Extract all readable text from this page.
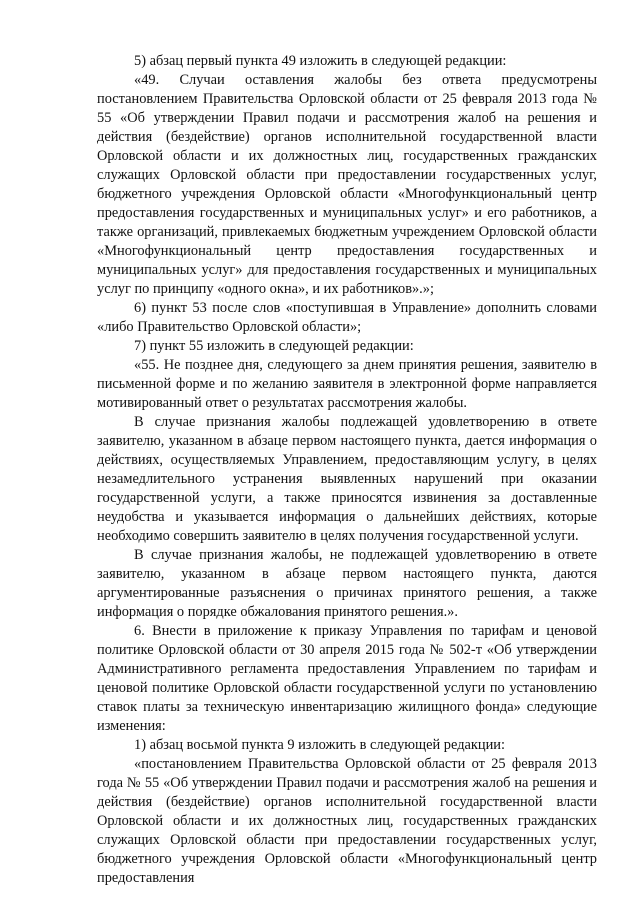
5) абзац первый пункта 49 изложить в следующей редакции:

«49. Случаи оставления жалобы без ответа предусмотрены постановлением Правительства Орловской области от 25 февраля 2013 года № 55 «Об утверждении Правил подачи и рассмотрения жалоб на решения и действия (бездействие) органов исполнительной государственной власти Орловской области и их должностных лиц, государственных гражданских служащих Орловской области при предоставлении государственных услуг, бюджетного учреждения Орловской области «Многофункциональный центр предоставления государственных и муниципальных услуг» и его работников, а также организаций, привлекаемых бюджетным учреждением Орловской области «Многофункциональный центр предоставления государственных и муниципальных услуг» для предоставления государственных и муниципальных услуг по принципу «одного окна», и их работников».»;

6) пункт 53 после слов «поступившая в Управление» дополнить словами «либо Правительство Орловской области»;

7) пункт 55 изложить в следующей редакции:

«55. Не позднее дня, следующего за днем принятия решения, заявителю в письменной форме и по желанию заявителя в электронной форме направляется мотивированный ответ о результатах рассмотрения жалобы.

В случае признания жалобы подлежащей удовлетворению в ответе заявителю, указанном в абзаце первом настоящего пункта, дается информация о действиях, осуществляемых Управлением, предоставляющим услугу, в целях незамедлительного устранения выявленных нарушений при оказании государственной услуги, а также приносятся извинения за доставленные неудобства и указывается информация о дальнейших действиях, которые необходимо совершить заявителю в целях получения государственной услуги.

В случае признания жалобы, не подлежащей удовлетворению в ответе заявителю, указанном в абзаце первом настоящего пункта, даются аргументированные разъяснения о причинах принятого решения, а также информация о порядке обжалования принятого решения.».

6. Внести в приложение к приказу Управления по тарифам и ценовой политике Орловской области от 30 апреля 2015 года № 502-т «Об утверждении Административного регламента предоставления Управлением по тарифам и ценовой политике Орловской области государственной услуги по установлению ставок платы за техническую инвентаризацию жилищного фонда» следующие изменения:

1) абзац восьмой пункта 9 изложить в следующей редакции:

«постановлением Правительства Орловской области от 25 февраля 2013 года № 55 «Об утверждении Правил подачи и рассмотрения жалоб на решения и действия (бездействие) органов исполнительной государственной власти Орловской области и их должностных лиц, государственных гражданских служащих Орловской области при предоставлении государственных услуг, бюджетного учреждения Орловской области «Многофункциональный центр предоставления
